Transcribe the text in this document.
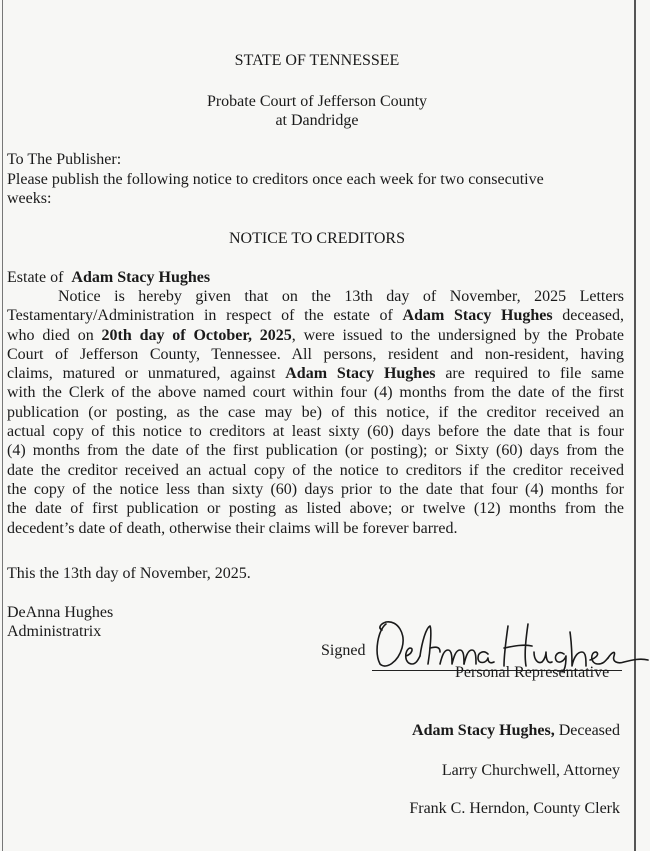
STATE OF TENNESSEE
Probate Court of Jefferson County
at Dandridge
To The Publisher:
Please publish the following notice to creditors once each week for two consecutive
weeks:
NOTICE TO CREDITORS
Estate of Adam Stacy Hughes
Notice is hereby given that on the 13th day of November, 2025 Letters
Testamentary/Administration in respect of the estate of Adam Stacy Hughes deceased,
who died on 20th day of October, 2025, were issued to the undersigned by the Probate
Court of Jefferson County, Tennessee. All persons, resident and non-resident, having
claims, matured or unmatured, against Adam Stacy Hughes are required to file same
with the Clerk of the above named court within four (4) months from the date of the first
publication (or posting, as the case may be) of this notice, if the creditor received an
actual copy of this notice to creditors at least sixty (60) days before the date that is four
(4) months from the date of the first publication (or posting); or Sixty (60) days from the
date the creditor received an actual copy of the notice to creditors if the creditor received
the copy of the notice less than sixty (60) days prior to the date that four (4) months for
the date of first publication or posting as listed above; or twelve (12) months from the
decedent’s date of death, otherwise their claims will be forever barred.
This the 13th day of November, 2025.
DeAnna Hughes
Administratrix
Signed
Personal Representative
Adam Stacy Hughes, Deceased
Larry Churchwell, Attorney
Frank C. Herndon, County Clerk
